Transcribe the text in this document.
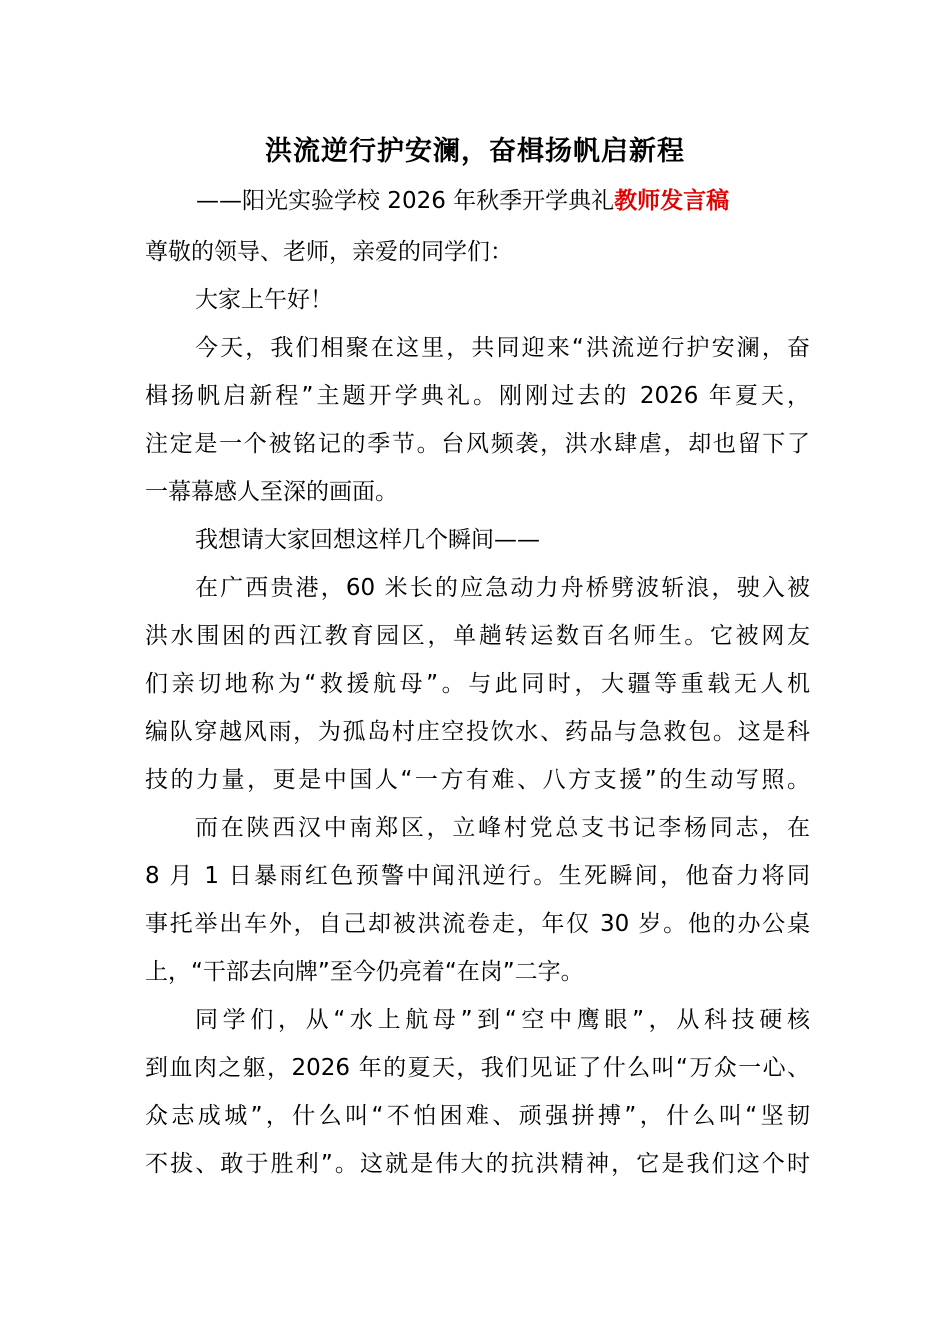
洪流逆行护安澜，奋楫扬帆启新程
——阳光实验学校 2026 年秋季开学典礼教师发言稿

尊敬的领导、老师，亲爱的同学们：

大家上午好！

今天，我们相聚在这里，共同迎来“洪流逆行护安澜，奋
楫扬帆启新程”主题开学典礼。刚刚过去的 2026 年夏天，
注定是一个被铭记的季节。台风频袭，洪水肆虐，却也留下了
一幕幕感人至深的画面。

我想请大家回想这样几个瞬间——

在广西贵港，60 米长的应急动力舟桥劈波斩浪，驶入被
洪水围困的西江教育园区，单趟转运数百名师生。它被网友
们亲切地称为“救援航母”。与此同时，大疆等重载无人机
编队穿越风雨，为孤岛村庄空投饮水、药品与急救包。这是科
技的力量，更是中国人“一方有难、八方支援”的生动写照。

而在陕西汉中南郑区，立峰村党总支书记李杨同志，在
8 月 1 日暴雨红色预警中闻汛逆行。生死瞬间，他奋力将同
事托举出车外，自己却被洪流卷走，年仅 30 岁。他的办公桌
上，“干部去向牌”至今仍亮着“在岗”二字。

同学们，从“水上航母”到“空中鹰眼”，从科技硬核
到血肉之躯，2026 年的夏天，我们见证了什么叫“万众一心、
众志成城”，什么叫“不怕困难、顽强拼搏”，什么叫“坚韧
不拔、敢于胜利”。这就是伟大的抗洪精神，它是我们这个时
